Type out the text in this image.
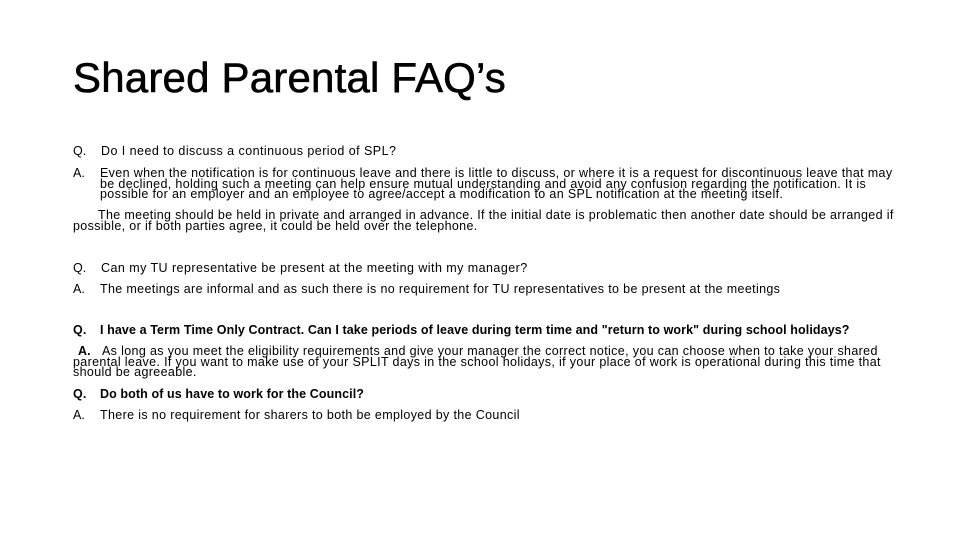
Shared Parental FAQ’s
Q. Do I need to discuss a continuous period of SPL?
A. Even when the notification is for continuous leave and there is little to discuss, or where it is a request for discontinuous leave that may
be declined, holding such a meeting can help ensure mutual understanding and avoid any confusion regarding the notification. It is
possible for an employer and an employee to agree/accept a modification to an SPL notification at the meeting itself.
The meeting should be held in private and arranged in advance. If the initial date is problematic then another date should be arranged if
possible, or if both parties agree, it could be held over the telephone.
Q. Can my TU representative be present at the meeting with my manager?
A. The meetings are informal and as such there is no requirement for TU representatives to be present at the meetings
Q. I have a Term Time Only Contract. Can I take periods of leave during term time and "return to work" during school holidays?
A. As long as you meet the eligibility requirements and give your manager the correct notice, you can choose when to take your shared
parental leave. If you want to make use of your SPLIT days in the school holidays, if your place of work is operational during this time that
should be agreeable.
Q. Do both of us have to work for the Council?
A. There is no requirement for sharers to both be employed by the Council
